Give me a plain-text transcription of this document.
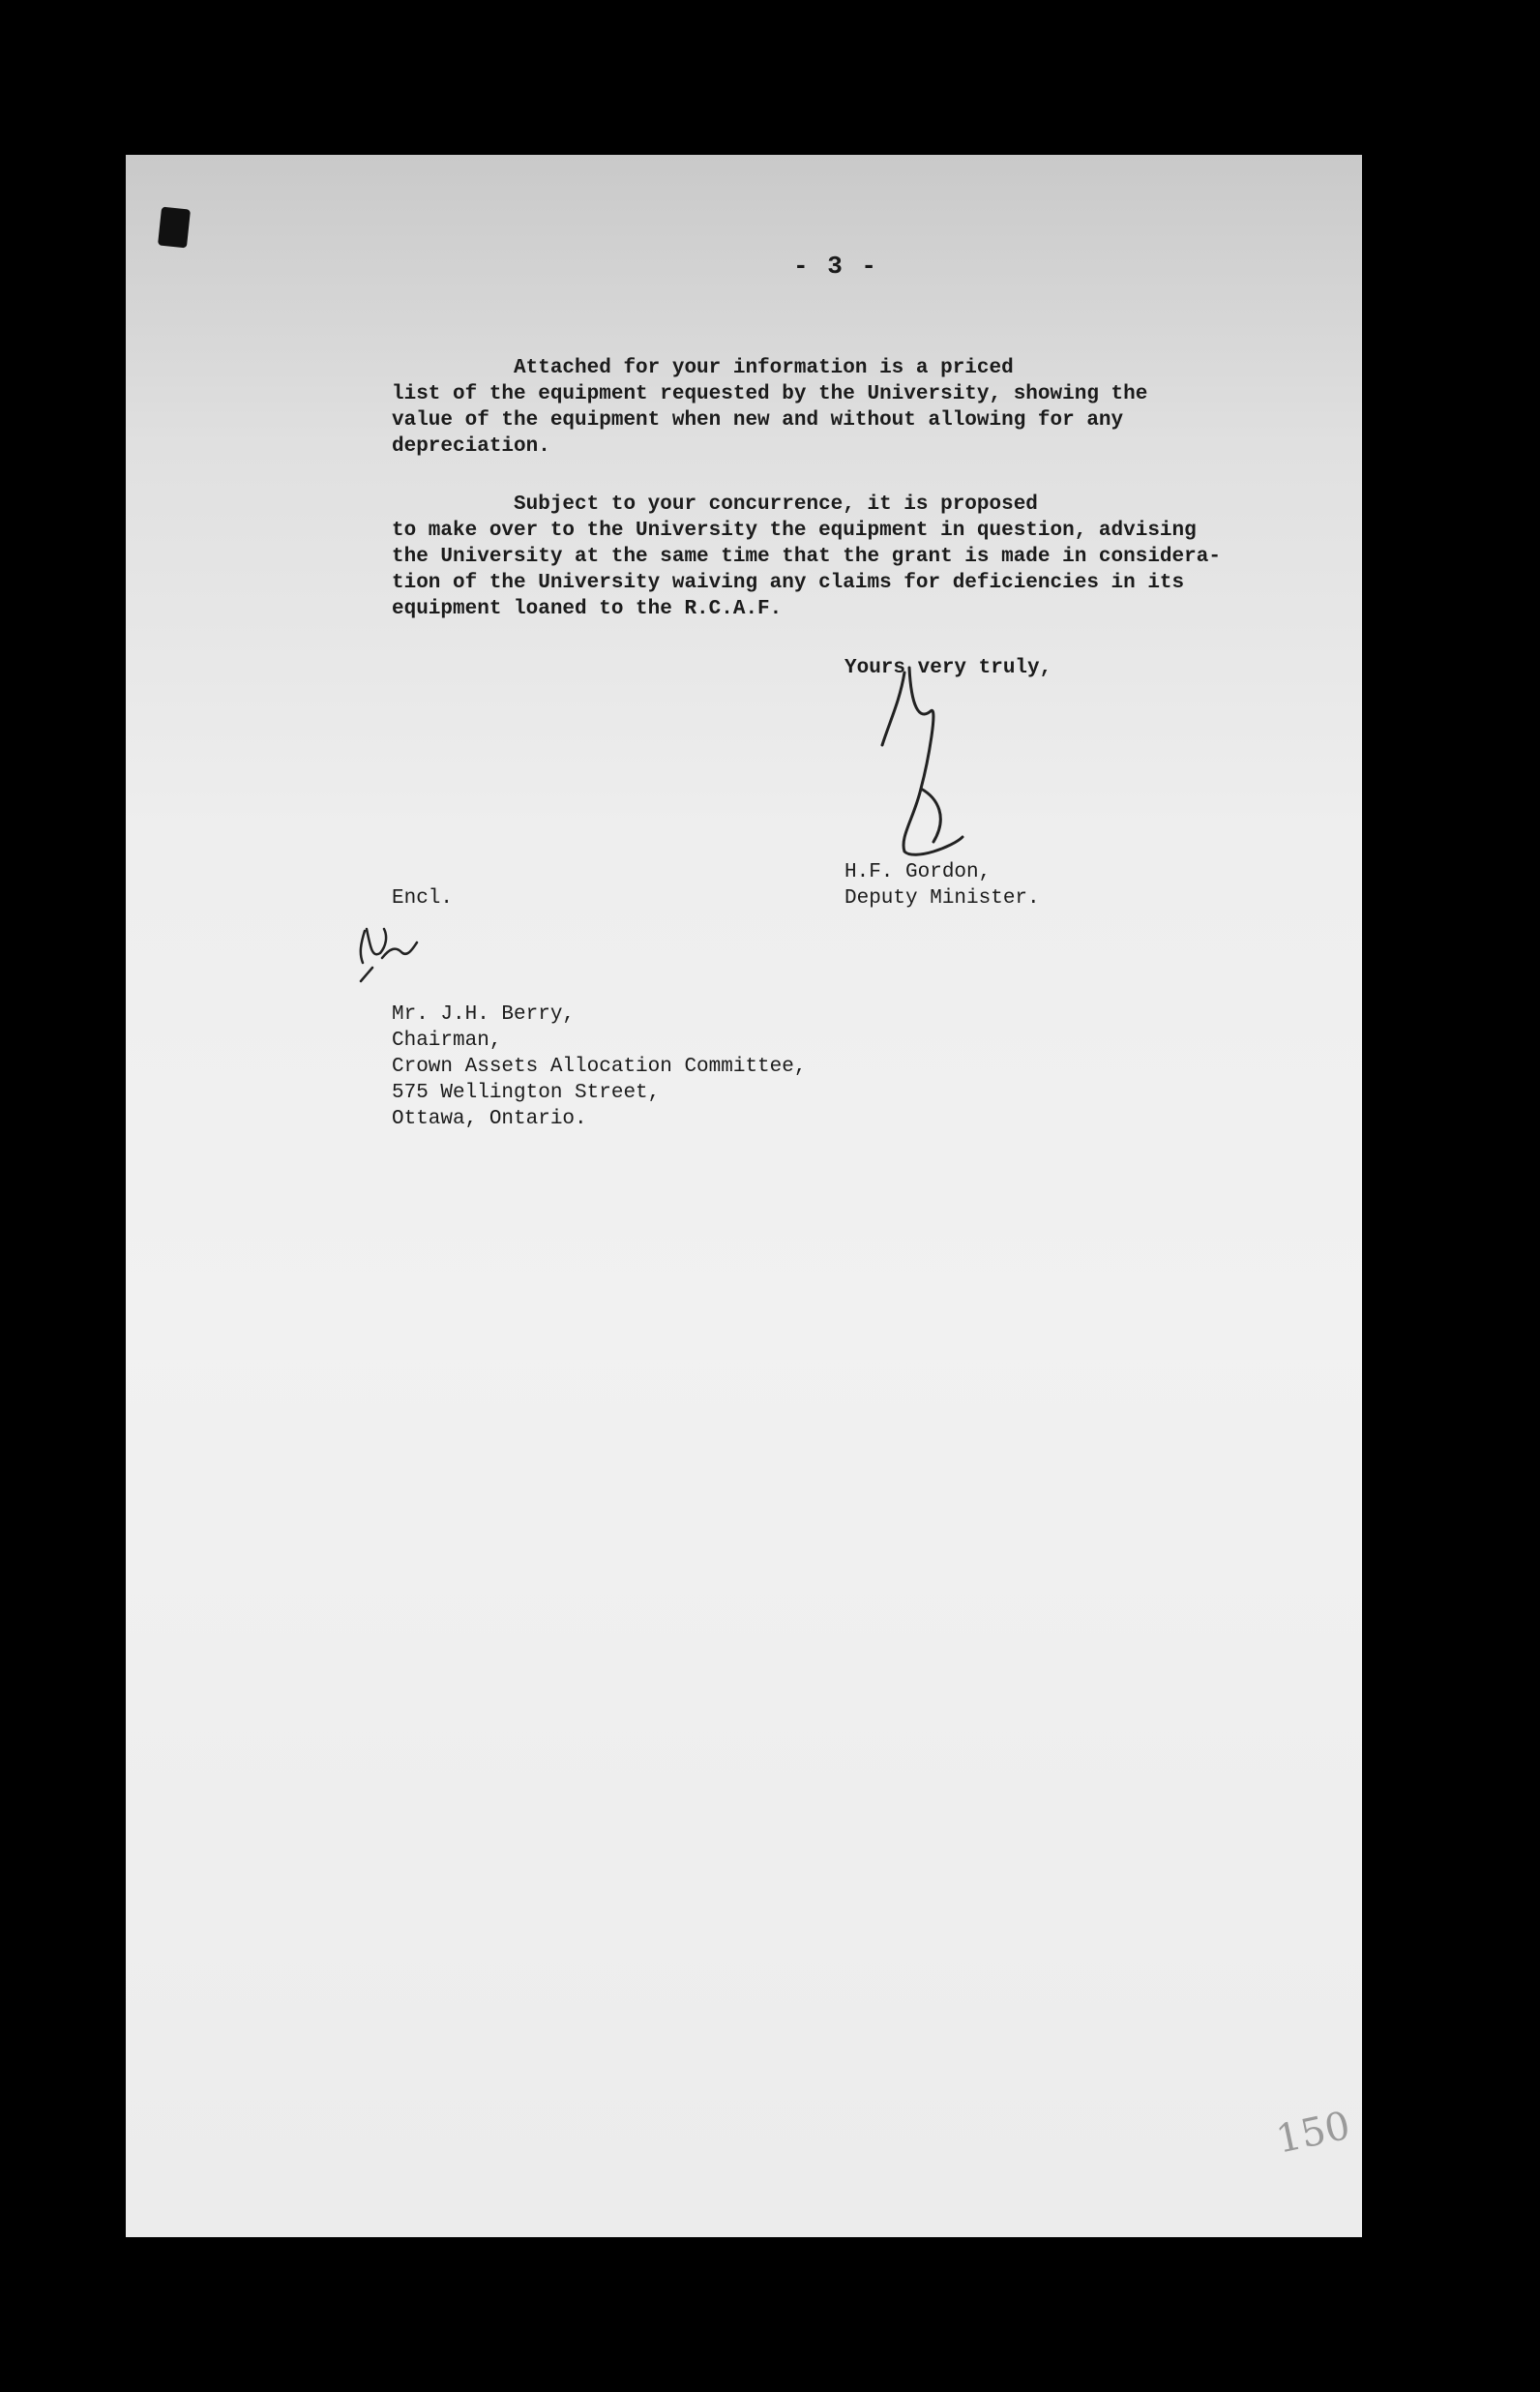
- 3 -

Attached for your information is a priced
list of the equipment requested by the University, showing the
value of the equipment when new and without allowing for any
depreciation.

Subject to your concurrence, it is proposed
to make over to the University the equipment in question, advising
the University at the same time that the grant is made in considera-
tion of the University waiving any claims for deficiencies in its
equipment loaned to the R.C.A.F.

Yours very truly,

H.F. Gordon,
Deputy Minister.

Encl.

Mr. J.H. Berry,
Chairman,
Crown Assets Allocation Committee,
575 Wellington Street,
Ottawa, Ontario.

150
